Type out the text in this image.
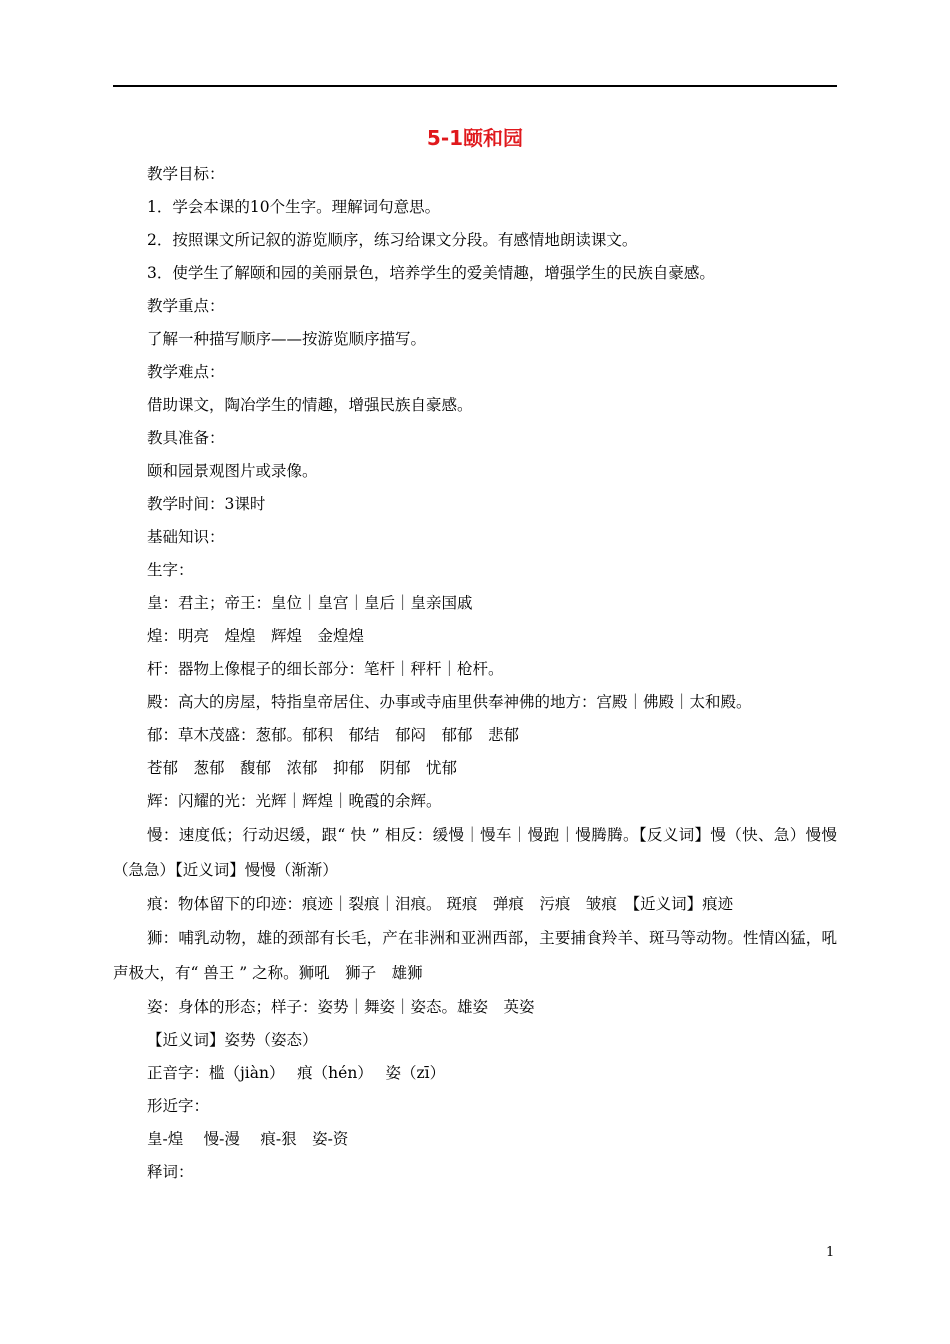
5-1颐和园
教学目标：
1．学会本课的10个生字。理解词句意思。
2．按照课文所记叙的游览顺序，练习给课文分段。有感情地朗读课文。
3．使学生了解颐和园的美丽景色，培养学生的爱美情趣，增强学生的民族自豪感。
教学重点：
了解一种描写顺序——按游览顺序描写。
教学难点：
借助课文，陶冶学生的情趣，增强民族自豪感。
教具准备：
颐和园景观图片或录像。
教学时间：3课时
基础知识：
生字：
皇：君主；帝王：皇位｜皇宫｜皇后｜皇亲国戚
煌：明亮　煌煌　辉煌　金煌煌
杆：器物上像棍子的细长部分：笔杆｜秤杆｜枪杆。
殿：高大的房屋，特指皇帝居住、办事或寺庙里供奉神佛的地方：宫殿｜佛殿｜太和殿。
郁：草木茂盛：葱郁。郁积　郁结　郁闷　郁郁　悲郁
苍郁　葱郁　馥郁　浓郁　抑郁　阴郁　忧郁
辉：闪耀的光：光辉｜辉煌｜晚霞的余辉。
慢：速度低；行动迟缓，跟“ 快 ” 相反：缓慢｜慢车｜慢跑｜慢腾腾。【反义词】慢（快、急）慢慢（急急）【近义词】慢慢（渐渐）
痕：物体留下的印迹：痕迹｜裂痕｜泪痕。 斑痕　弹痕　污痕　皱痕　【近义词】痕迹
狮：哺乳动物，雄的颈部有长毛，产在非洲和亚洲西部，主要捕食羚羊、斑马等动物。性情凶猛，吼声极大，有“ 兽王 ” 之称。狮吼　狮子　雄狮
姿：身体的形态；样子：姿势｜舞姿｜姿态。雄姿　英姿
【近义词】姿势（姿态）
正音字：槛（jiàn）　 痕（hén）　 姿（zī）
形近字：
皇-煌　 慢-漫　 痕-狠　姿-资
释词：
1
